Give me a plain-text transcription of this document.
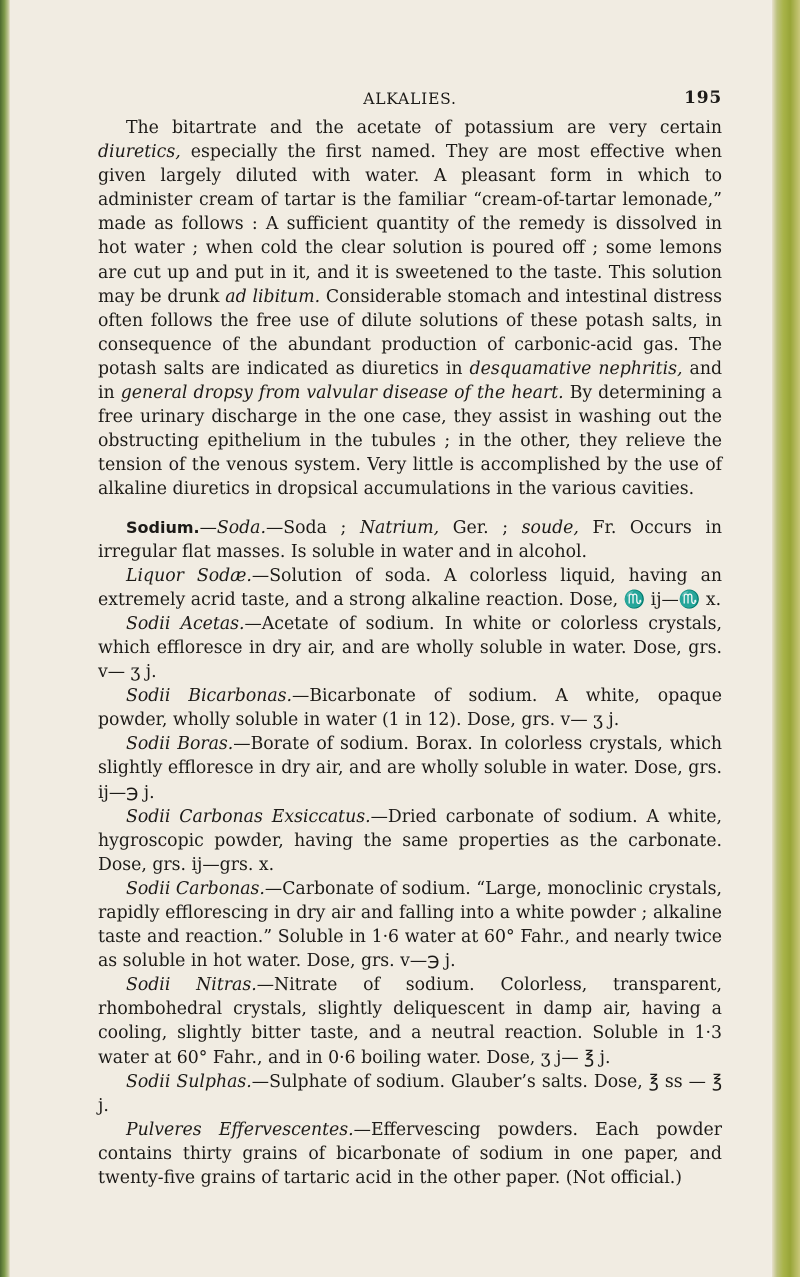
ALKALIES.	195

The bitartrate and the acetate of potassium are very certain diuretics, especially the first named. They are most effective when given largely diluted with water. A pleasant form in which to administer cream of tartar is the familiar “cream-of-tartar lemonade,” made as follows : A sufficient quantity of the remedy is dissolved in hot water ; when cold the clear solution is poured off ; some lemons are cut up and put in it, and it is sweetened to the taste. This solution may be drunk ad libitum. Considerable stomach and intestinal distress often follows the free use of dilute solutions of these potash salts, in consequence of the abundant production of carbonic-acid gas. The potash salts are indicated as diuretics in desquamative nephritis, and in general dropsy from valvular disease of the heart. By determining a free urinary discharge in the one case, they assist in washing out the obstructing epithelium in the tubules ; in the other, they relieve the tension of the venous system. Very little is accomplished by the use of alkaline diuretics in dropsical accumulations in the various cavities.

Sodium.—Soda.—Soda ; Natrium, Ger. ; soude, Fr. Occurs in irregular flat masses. Is soluble in water and in alcohol.

Liquor Sodæ.—Solution of soda. A colorless liquid, having an extremely acrid taste, and a strong alkaline reaction. Dose, ♏ ij—♏ x.

Sodii Acetas.—Acetate of sodium. In white or colorless crystals, which effloresce in dry air, and are wholly soluble in water. Dose, grs. v— ʒ j.

Sodii Bicarbonas.—Bicarbonate of sodium. A white, opaque powder, wholly soluble in water (1 in 12). Dose, grs. v— ʒ j.

Sodii Boras.—Borate of sodium. Borax. In colorless crystals, which slightly effloresce in dry air, and are wholly soluble in water. Dose, grs. ij—℈ j.

Sodii Carbonas Exsiccatus.—Dried carbonate of sodium. A white, hygroscopic powder, having the same properties as the carbonate. Dose, grs. ij—grs. x.

Sodii Carbonas.—Carbonate of sodium. “Large, monoclinic crystals, rapidly efflorescing in dry air and falling into a white powder ; alkaline taste and reaction.” Soluble in 1·6 water at 60° Fahr., and nearly twice as soluble in hot water. Dose, grs. v—℈ j.

Sodii Nitras.—Nitrate of sodium. Colorless, transparent, rhombohedral crystals, slightly deliquescent in damp air, having a cooling, slightly bitter taste, and a neutral reaction. Soluble in 1·3 water at 60° Fahr., and in 0·6 boiling water. Dose, ʒ j— ℥ j.

Sodii Sulphas.—Sulphate of sodium. Glauber’s salts. Dose, ℥ ss — ℥ j.

Pulveres Effervescentes.—Effervescing powders. Each powder contains thirty grains of bicarbonate of sodium in one paper, and twenty-five grains of tartaric acid in the other paper. (Not official.)
